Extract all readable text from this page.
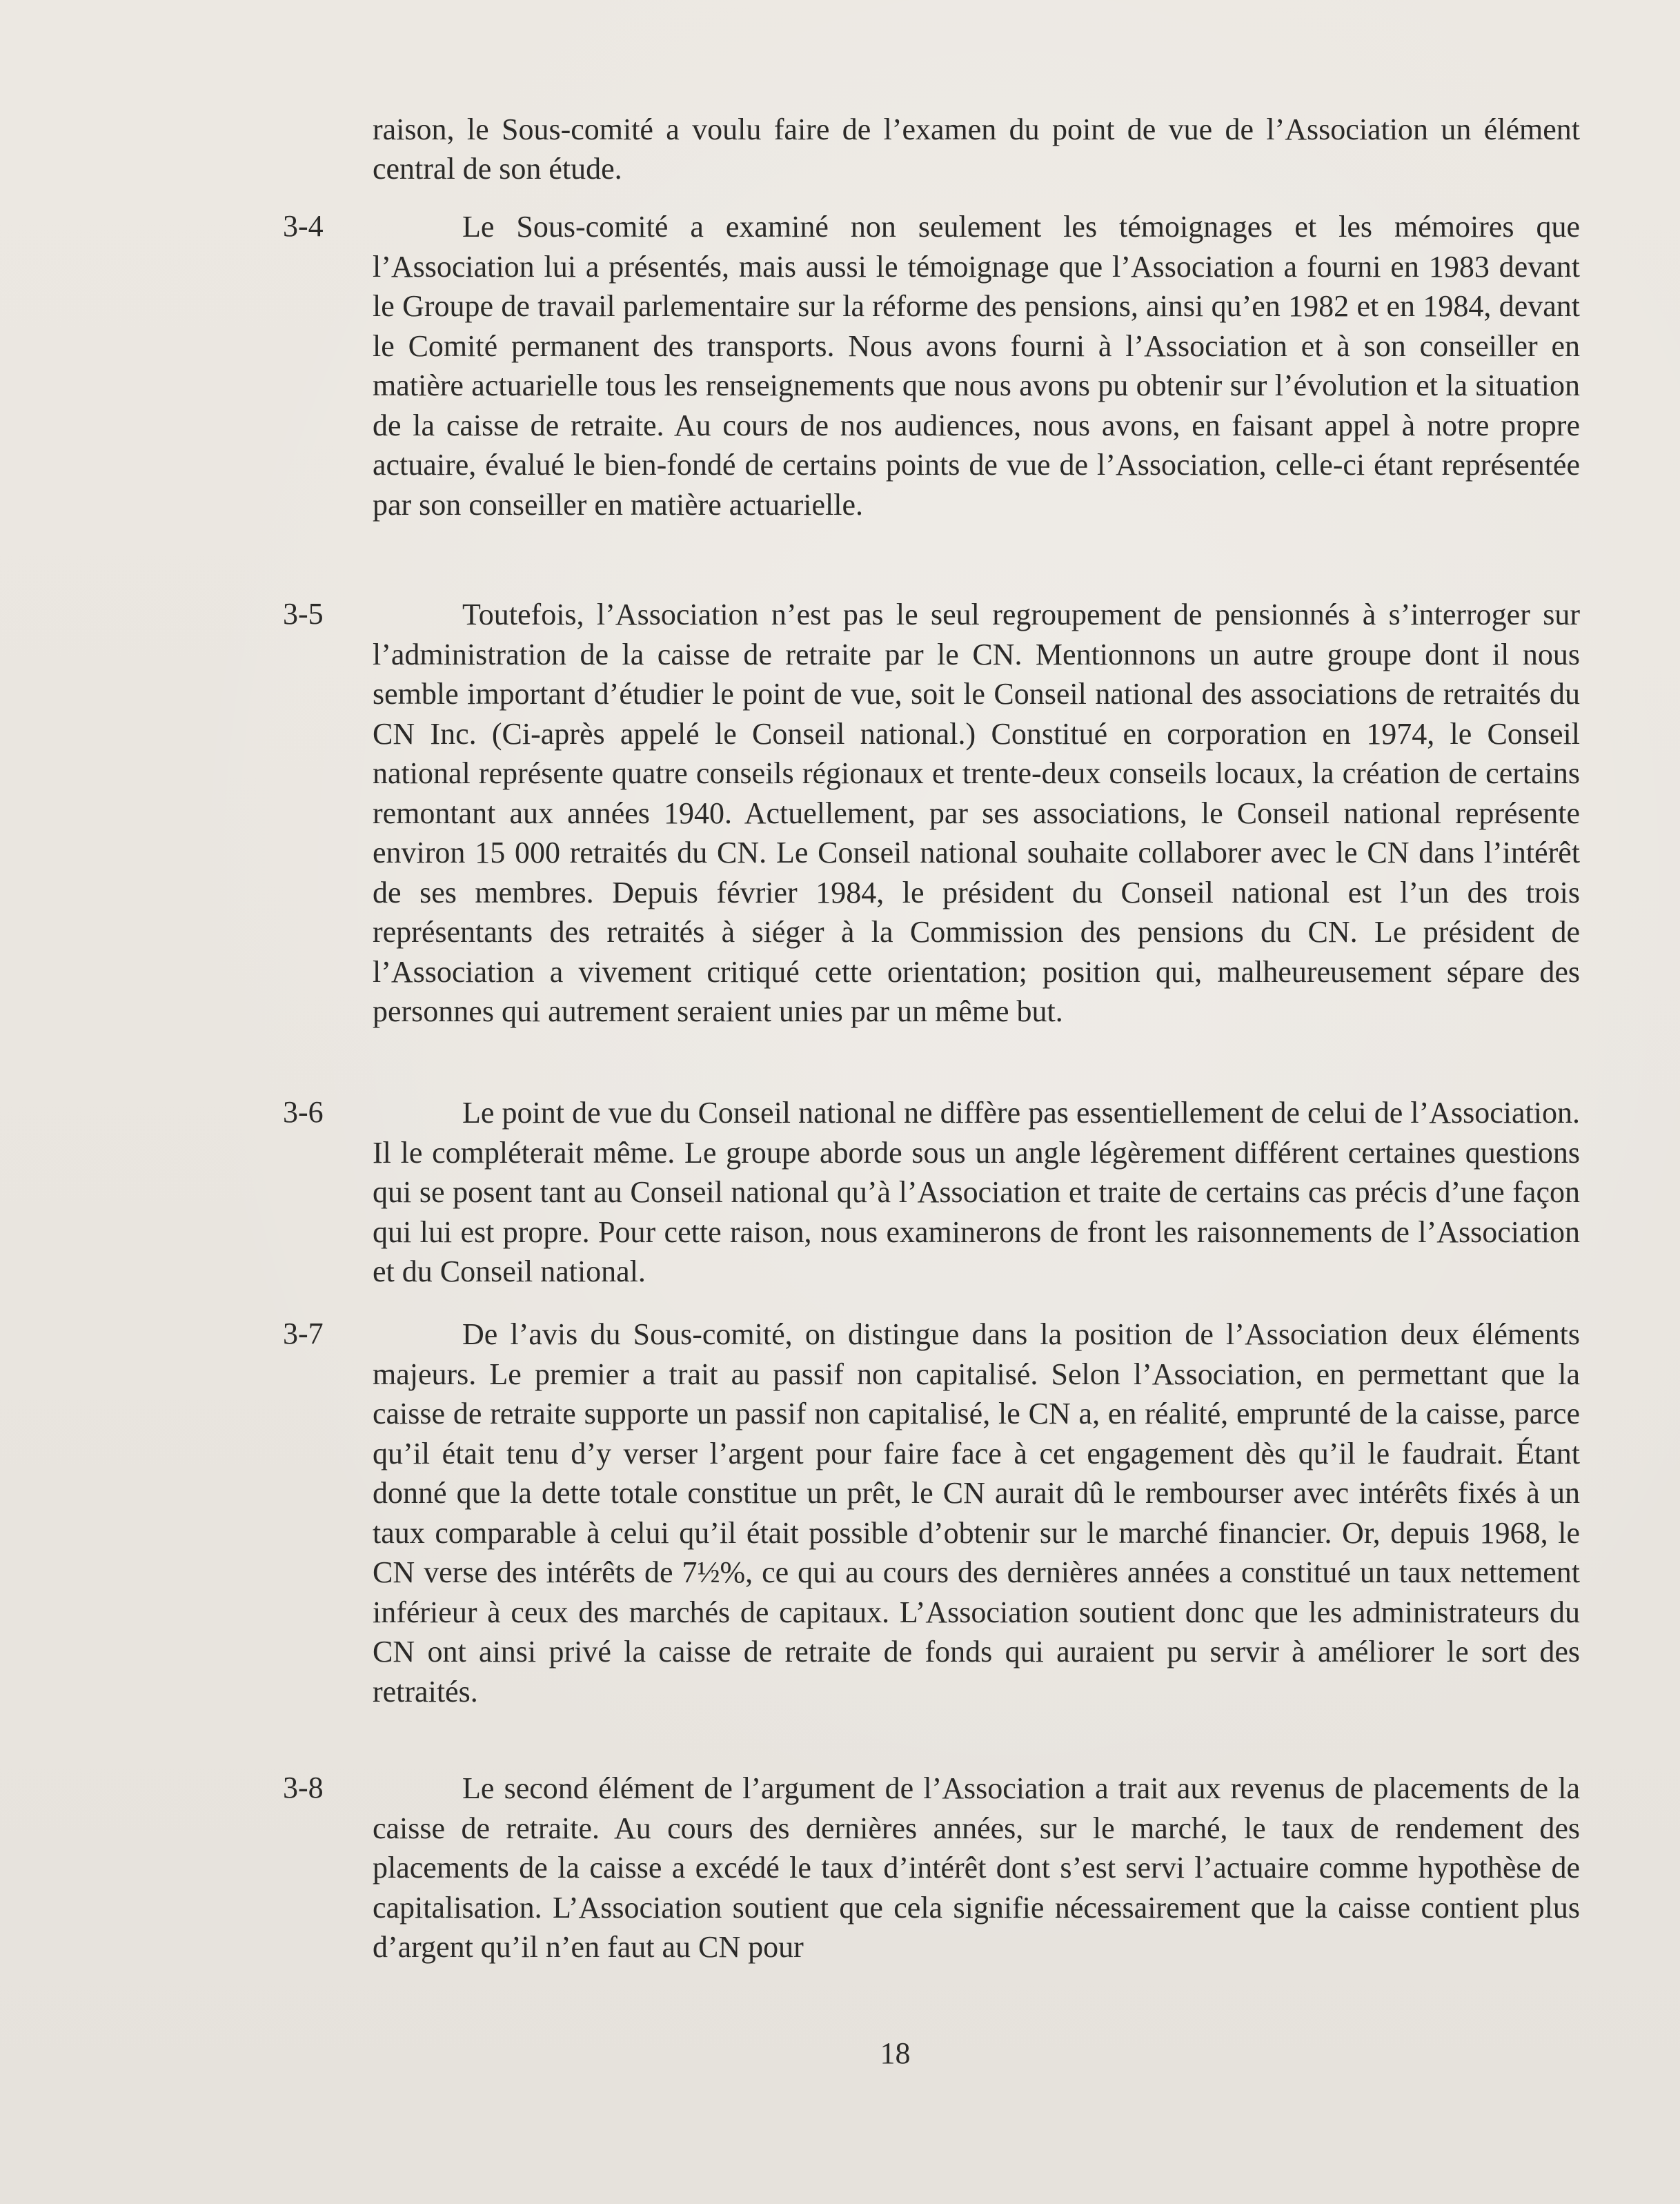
raison, le Sous-comité a voulu faire de l’examen du point de vue de l’Association un élément central de son étude.

3-4	Le Sous-comité a examiné non seulement les témoignages et les mémoires que l’Association lui a présentés, mais aussi le témoignage que l’Association a fourni en 1983 devant le Groupe de travail parlementaire sur la réforme des pensions, ainsi qu’en 1982 et en 1984, devant le Comité permanent des transports. Nous avons fourni à l’Association et à son conseiller en matière actuarielle tous les renseignements que nous avons pu obtenir sur l’évolution et la situation de la caisse de retraite. Au cours de nos audiences, nous avons, en faisant appel à notre propre actuaire, évalué le bien-fondé de certains points de vue de l’Association, celle-ci étant représentée par son conseiller en matière actuarielle.

3-5	Toutefois, l’Association n’est pas le seul regroupement de pensionnés à s’interroger sur l’administration de la caisse de retraite par le CN. Mentionnons un autre groupe dont il nous semble important d’étudier le point de vue, soit le Conseil national des associations de retraités du CN Inc. (Ci-après appelé le Conseil national.) Constitué en corporation en 1974, le Conseil national représente quatre conseils régionaux et trente-deux conseils locaux, la création de certains remontant aux années 1940. Actuellement, par ses associations, le Conseil national représente environ 15 000 retraités du CN. Le Conseil national souhaite collaborer avec le CN dans l’intérêt de ses membres. Depuis février 1984, le président du Conseil national est l’un des trois représentants des retraités à siéger à la Commission des pensions du CN. Le président de l’Association a vivement critiqué cette orientation; position qui, malheureusement sépare des personnes qui autrement seraient unies par un même but.

3-6	Le point de vue du Conseil national ne diffère pas essentiellement de celui de l’Association. Il le compléterait même. Le groupe aborde sous un angle légèrement différent certaines questions qui se posent tant au Conseil national qu’à l’Association et traite de certains cas précis d’une façon qui lui est propre. Pour cette raison, nous examinerons de front les raisonnements de l’Association et du Conseil national.

3-7	De l’avis du Sous-comité, on distingue dans la position de l’Association deux éléments majeurs. Le premier a trait au passif non capitalisé. Selon l’Association, en permettant que la caisse de retraite supporte un passif non capitalisé, le CN a, en réalité, emprunté de la caisse, parce qu’il était tenu d’y verser l’argent pour faire face à cet engagement dès qu’il le faudrait. Étant donné que la dette totale constitue un prêt, le CN aurait dû le rembourser avec intérêts fixés à un taux comparable à celui qu’il était possible d’obtenir sur le marché financier. Or, depuis 1968, le CN verse des intérêts de 7½%, ce qui au cours des dernières années a constitué un taux nettement inférieur à ceux des marchés de capitaux. L’Association soutient donc que les administrateurs du CN ont ainsi privé la caisse de retraite de fonds qui auraient pu servir à améliorer le sort des retraités.

3-8	Le second élément de l’argument de l’Association a trait aux revenus de placements de la caisse de retraite. Au cours des dernières années, sur le marché, le taux de rendement des placements de la caisse a excédé le taux d’intérêt dont s’est servi l’actuaire comme hypothèse de capitalisation. L’Association soutient que cela signifie nécessairement que la caisse contient plus d’argent qu’il n’en faut au CN pour

18
